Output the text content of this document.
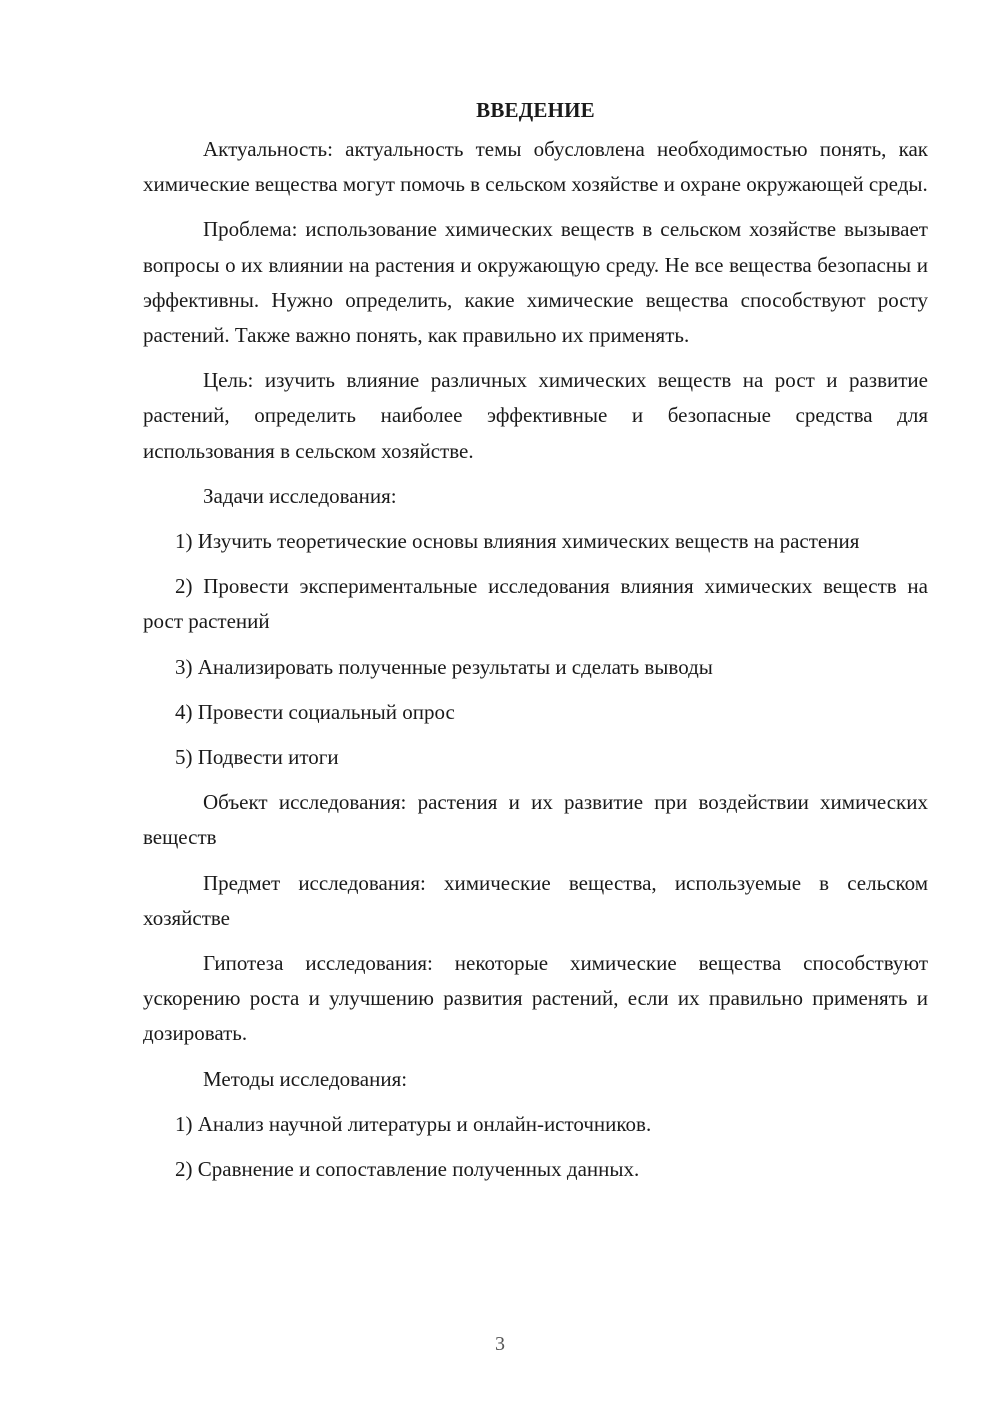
ВВЕДЕНИЕ

Актуальность: актуальность темы обусловлена необходимостью понять, как химические вещества могут помочь в сельском хозяйстве и охране окружающей среды.

Проблема: использование химических веществ в сельском хозяйстве вызывает вопросы о их влиянии на растения и окружающую среду. Не все вещества безопасны и эффективны. Нужно определить, какие химические вещества способствуют росту растений. Также важно понять, как правильно их применять.

Цель: изучить влияние различных химических веществ на рост и развитие растений, определить наиболее эффективные и безопасные средства для использования в сельском хозяйстве.

Задачи исследования:

1) Изучить теоретические основы влияния химических веществ на растения

2) Провести экспериментальные исследования влияния химических веществ на рост растений

3) Анализировать полученные результаты и сделать выводы

4) Провести социальный опрос

5) Подвести итоги

Объект исследования: растения и их развитие при воздействии химических веществ

Предмет исследования: химические вещества, используемые в сельском хозяйстве

Гипотеза исследования: некоторые химические вещества способствуют ускорению роста и улучшению развития растений, если их правильно применять и дозировать.

Методы исследования:

1) Анализ научной литературы и онлайн-источников.

2) Сравнение и сопоставление полученных данных.

3
